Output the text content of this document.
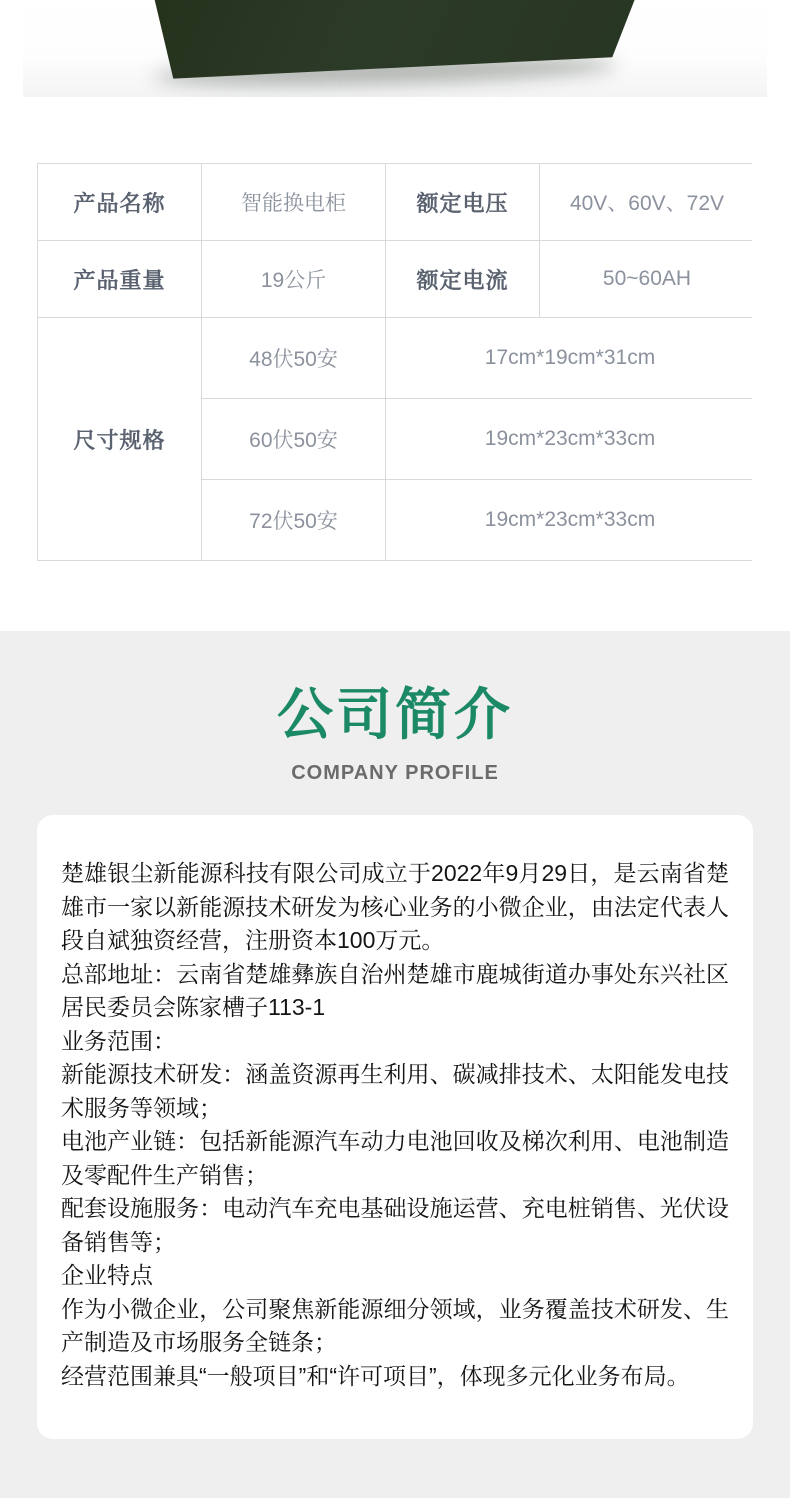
产品名称	智能换电柜	额定电压	40V、60V、72V
产品重量	19公斤	额定电流	50~60AH
尺寸规格
48伏50安	17cm*19cm*31cm
60伏50安	19cm*23cm*33cm
72伏50安	19cm*23cm*33cm
公司简介
COMPANY PROFILE

楚雄银尘新能源科技有限公司成立于2022年9月29日，是云南省楚雄市一家以新能源技术研发为核心业务的小微企业，由法定代表人段自斌独资经营，注册资本100万元。

总部地址：云南省楚雄彝族自治州楚雄市鹿城街道办事处东兴社区居民委员会陈家槽子113-1

业务范围：

新能源技术研发：涵盖资源再生利用、碳减排技术、太阳能发电技术服务等领域；

电池产业链：包括新能源汽车动力电池回收及梯次利用、电池制造及零配件生产销售；

配套设施服务：电动汽车充电基础设施运营、充电桩销售、光伏设备销售等；

企业特点

作为小微企业，公司聚焦新能源细分领域，业务覆盖技术研发、生产制造及市场服务全链条；

经营范围兼具“一般项目”和“许可项目”，体现多元化业务布局。
